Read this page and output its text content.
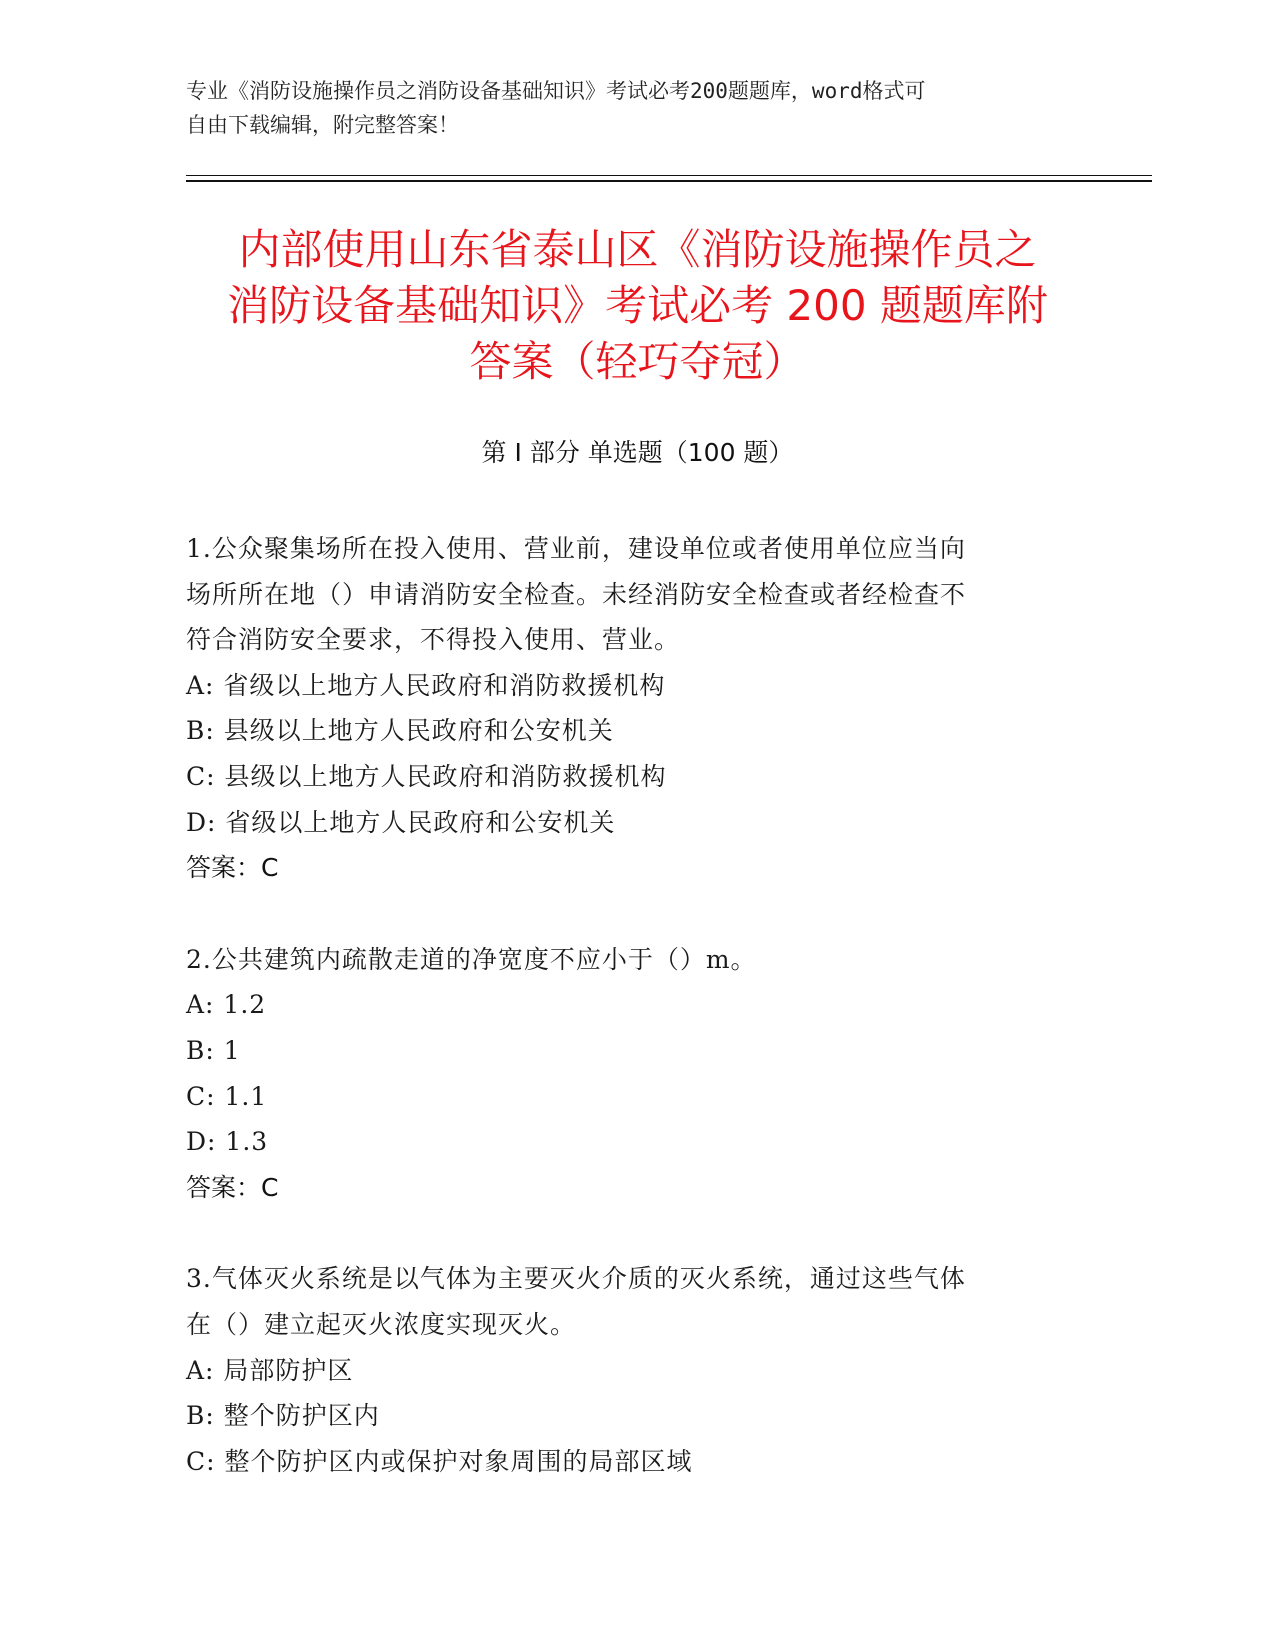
专业《消防设施操作员之消防设备基础知识》考试必考200题题库，word格式可
自由下载编辑，附完整答案！
内部使用山东省泰山区《消防设施操作员之
消防设备基础知识》考试必考 200 题题库附
答案（轻巧夺冠）
第 I 部分 单选题（100 题）
1.公众聚集场所在投入使用、营业前，建设单位或者使用单位应当向
场所所在地（）申请消防安全检查。未经消防安全检查或者经检查不
符合消防安全要求，不得投入使用、营业。
A: 省级以上地方人民政府和消防救援机构
B: 县级以上地方人民政府和公安机关
C: 县级以上地方人民政府和消防救援机构
D: 省级以上地方人民政府和公安机关

答案：C

2.公共建筑内疏散走道的净宽度不应小于（）m。
A: 1.2
B: 1
C: 1.1
D: 1.3

答案：C

3.气体灭火系统是以气体为主要灭火介质的灭火系统，通过这些气体
在（）建立起灭火浓度实现灭火。
A: 局部防护区
B: 整个防护区内
C: 整个防护区内或保护对象周围的局部区域
